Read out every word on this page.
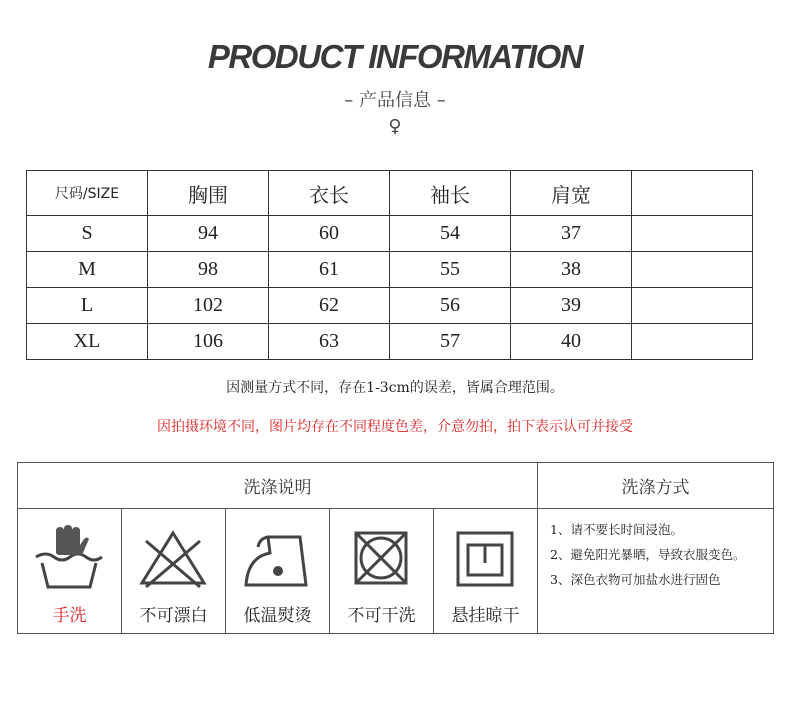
PRODUCT INFORMATION
– 产品信息 –
♀
尺码/SIZE	胸围	衣长	袖长	肩宽	
S	94	60	54	37	
M	98	61	55	38	
L	102	62	56	39	
XL	106	63	57	40	
因测量方式不同，存在1-3cm的误差，皆属合理范围。
因拍摄环境不同，图片均存在不同程度色差，介意勿拍，拍下表示认可并接受
洗涤说明	洗涤方式
手洗	不可漂白	低温熨烫	不可干洗	悬挂晾干
1、请不要长时间浸泡。
2、避免阳光暴晒，导致衣服变色。
3、深色衣物可加盐水进行固色
